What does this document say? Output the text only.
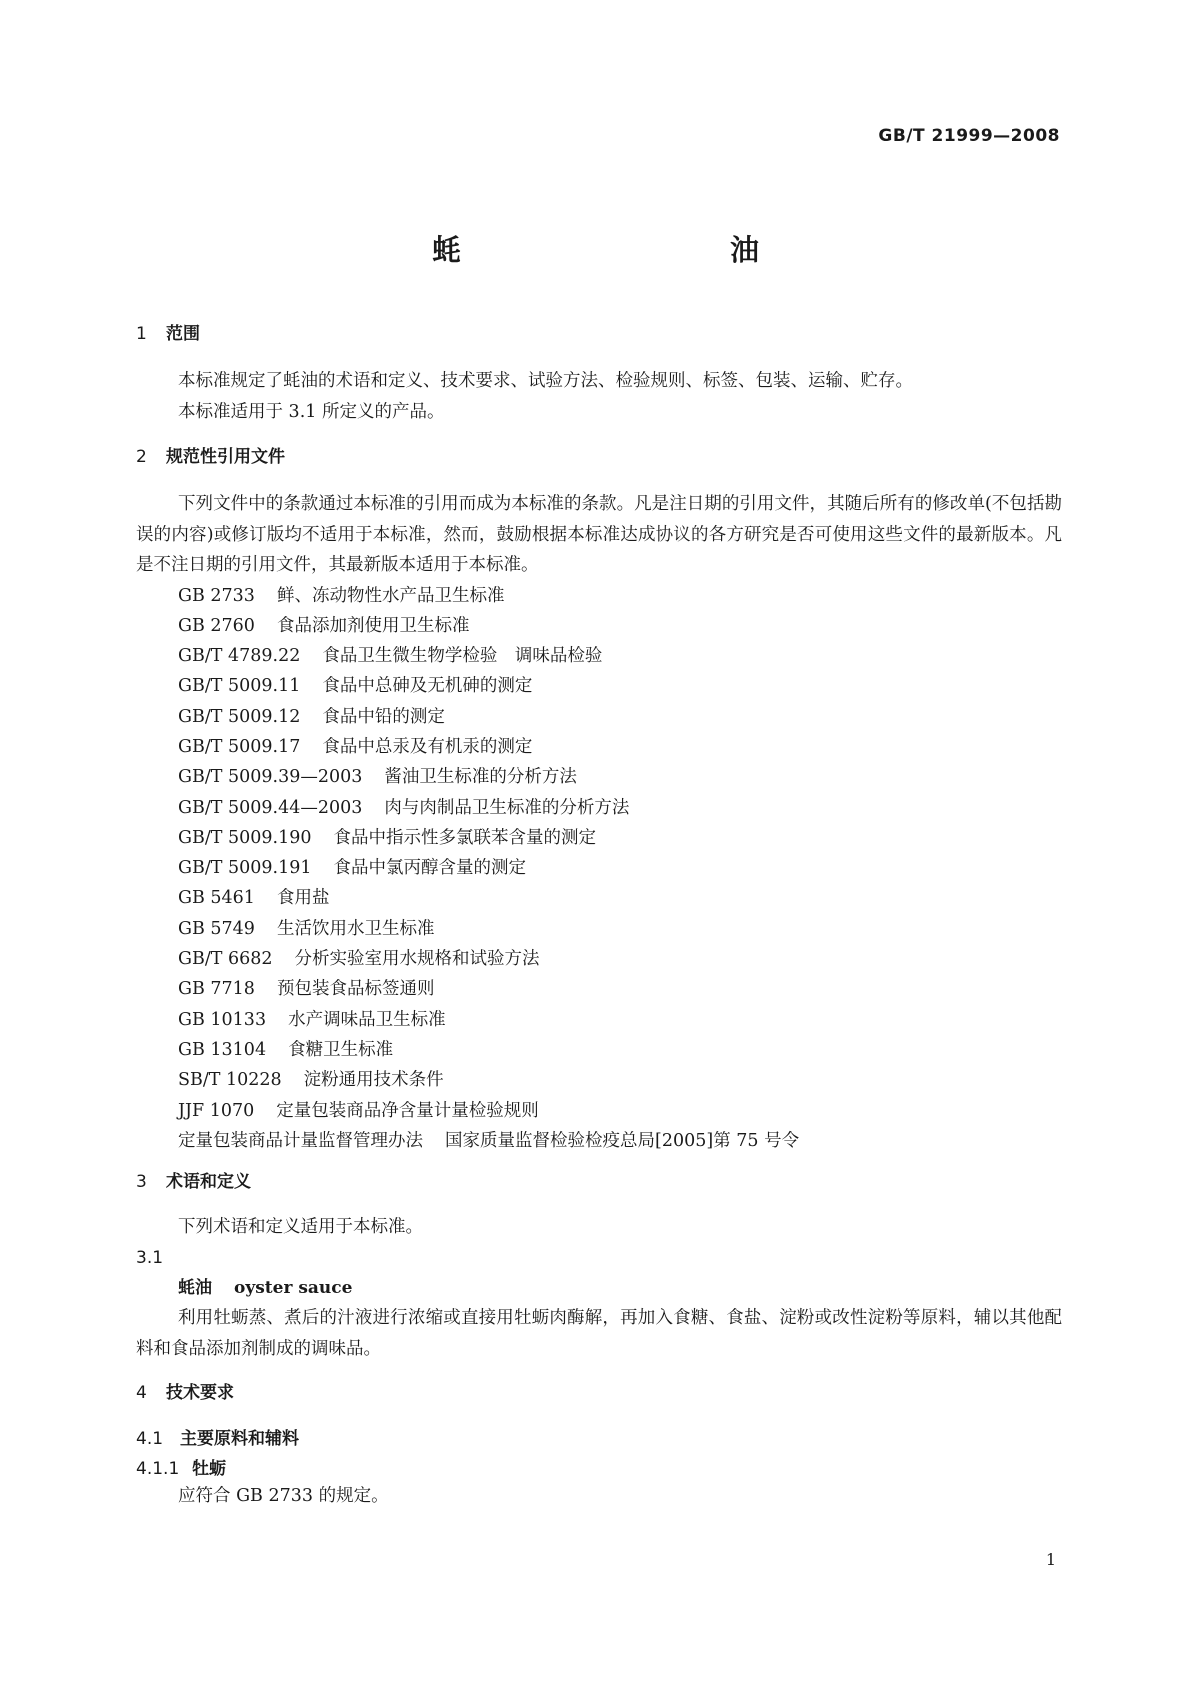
GB/T 21999—2008
蚝　油
1 范围
本标准规定了蚝油的术语和定义、技术要求、试验方法、检验规则、标签、包装、运输、贮存。
本标准适用于 3.1 所定义的产品。
2 规范性引用文件
下列文件中的条款通过本标准的引用而成为本标准的条款。凡是注日期的引用文件，其随后所有的修改单(不包括勘误的内容)或修订版均不适用于本标准，然而，鼓励根据本标准达成协议的各方研究是否可使用这些文件的最新版本。凡是不注日期的引用文件，其最新版本适用于本标准。
GB 2733 鲜、冻动物性水产品卫生标准
GB 2760 食品添加剂使用卫生标准
GB/T 4789.22 食品卫生微生物学检验　调味品检验
GB/T 5009.11 食品中总砷及无机砷的测定
GB/T 5009.12 食品中铅的测定
GB/T 5009.17 食品中总汞及有机汞的测定
GB/T 5009.39—2003 酱油卫生标准的分析方法
GB/T 5009.44—2003 肉与肉制品卫生标准的分析方法
GB/T 5009.190 食品中指示性多氯联苯含量的测定
GB/T 5009.191 食品中氯丙醇含量的测定
GB 5461 食用盐
GB 5749 生活饮用水卫生标准
GB/T 6682 分析实验室用水规格和试验方法
GB 7718 预包装食品标签通则
GB 10133 水产调味品卫生标准
GB 13104 食糖卫生标准
SB/T 10228 淀粉通用技术条件
JJF 1070 定量包装商品净含量计量检验规则
定量包装商品计量监督管理办法 国家质量监督检验检疫总局[2005]第 75 号令
3 术语和定义
下列术语和定义适用于本标准。
3.1
蚝油 oyster sauce
利用牡蛎蒸、煮后的汁液进行浓缩或直接用牡蛎肉酶解，再加入食糖、食盐、淀粉或改性淀粉等原料，辅以其他配料和食品添加剂制成的调味品。
4 技术要求
4.1 主要原料和辅料
4.1.1 牡蛎
应符合 GB 2733 的规定。
1
